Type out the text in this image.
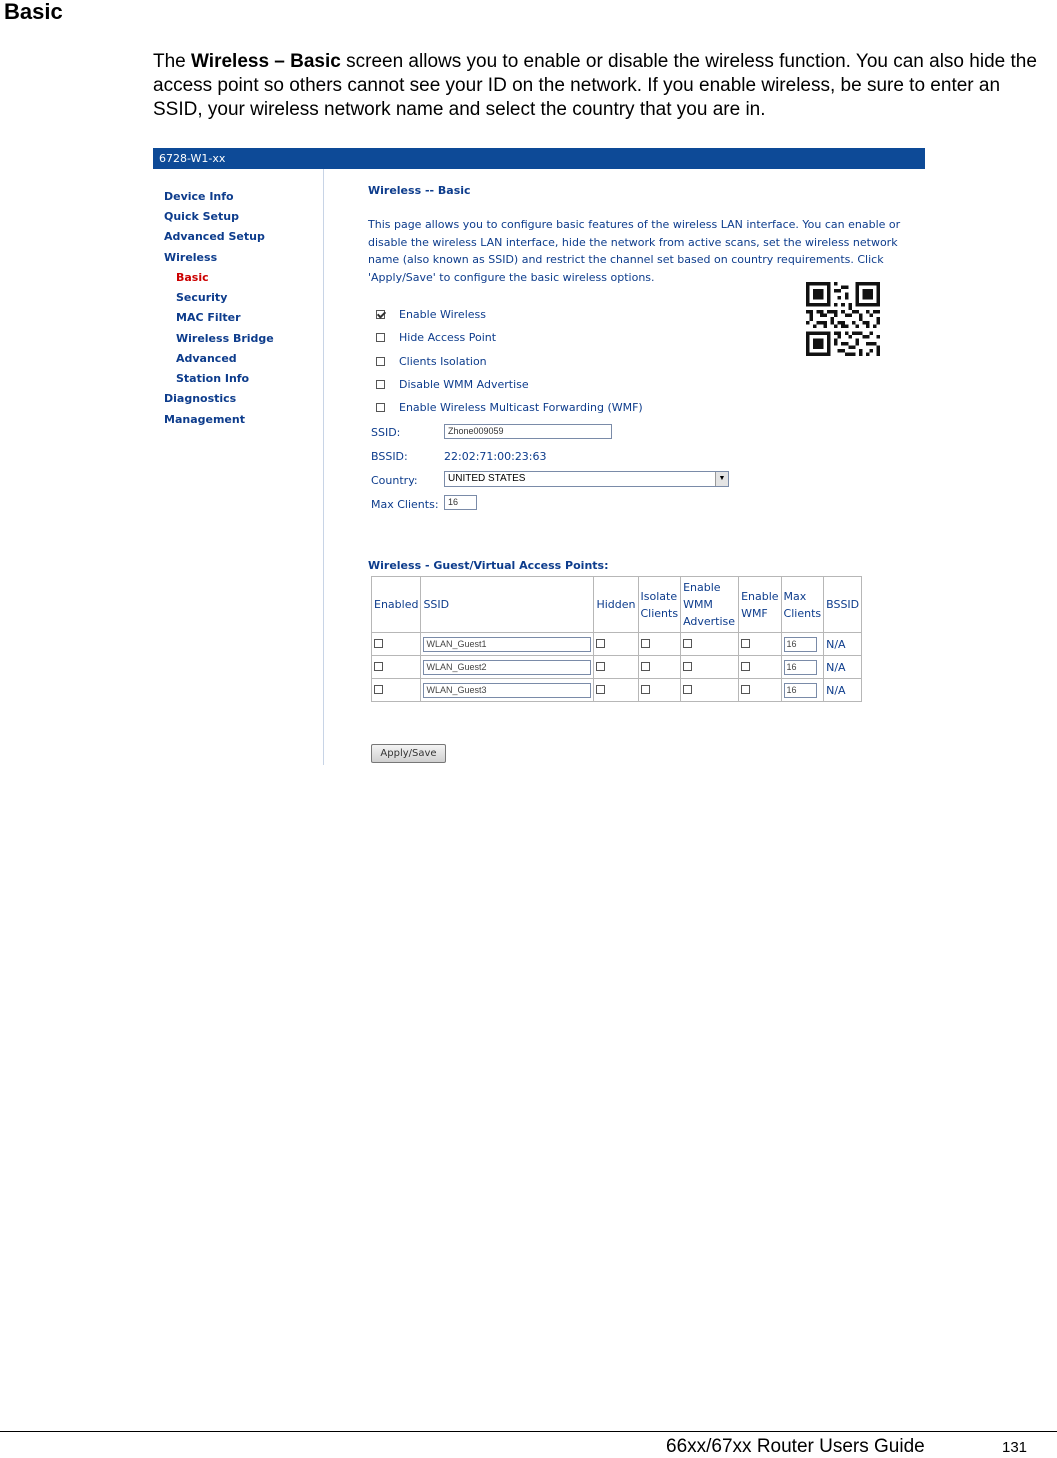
Basic

The Wireless – Basic screen allows you to enable or disable the wireless function. You can also hide the access point so others cannot see your ID on the network. If you enable wireless, be sure to enter an SSID, your wireless network name and select the country that you are in.

6728-W1-xx
Device Info
Quick Setup
Advanced Setup
Wireless
Basic
Security
MAC Filter
Wireless Bridge
Advanced
Station Info
Diagnostics
Management
Wireless -- Basic
This page allows you to configure basic features of the wireless LAN interface. You can enable or disable the wireless LAN interface, hide the network from active scans, set the wireless network name (also known as SSID) and restrict the channel set based on country requirements. Click 'Apply/Save' to configure the basic wireless options.
Enable Wireless
Hide Access Point
Clients Isolation
Disable WMM Advertise
Enable Wireless Multicast Forwarding (WMF)
SSID:	Zhone009059
BSSID:	22:02:71:00:23:63
Country:	UNITED STATES	▼
Max Clients:	16
Wireless - Guest/Virtual Access Points:
Enabled	SSID	Hidden	Isolate Clients	Enable WMM Advertise	Enable WMF	Max Clients	BSSID
	WLAN_Guest1					16	N/A
	WLAN_Guest2					16	N/A
	WLAN_Guest3					16	N/A
Apply/Save
66xx/67xx Router Users Guide	131
